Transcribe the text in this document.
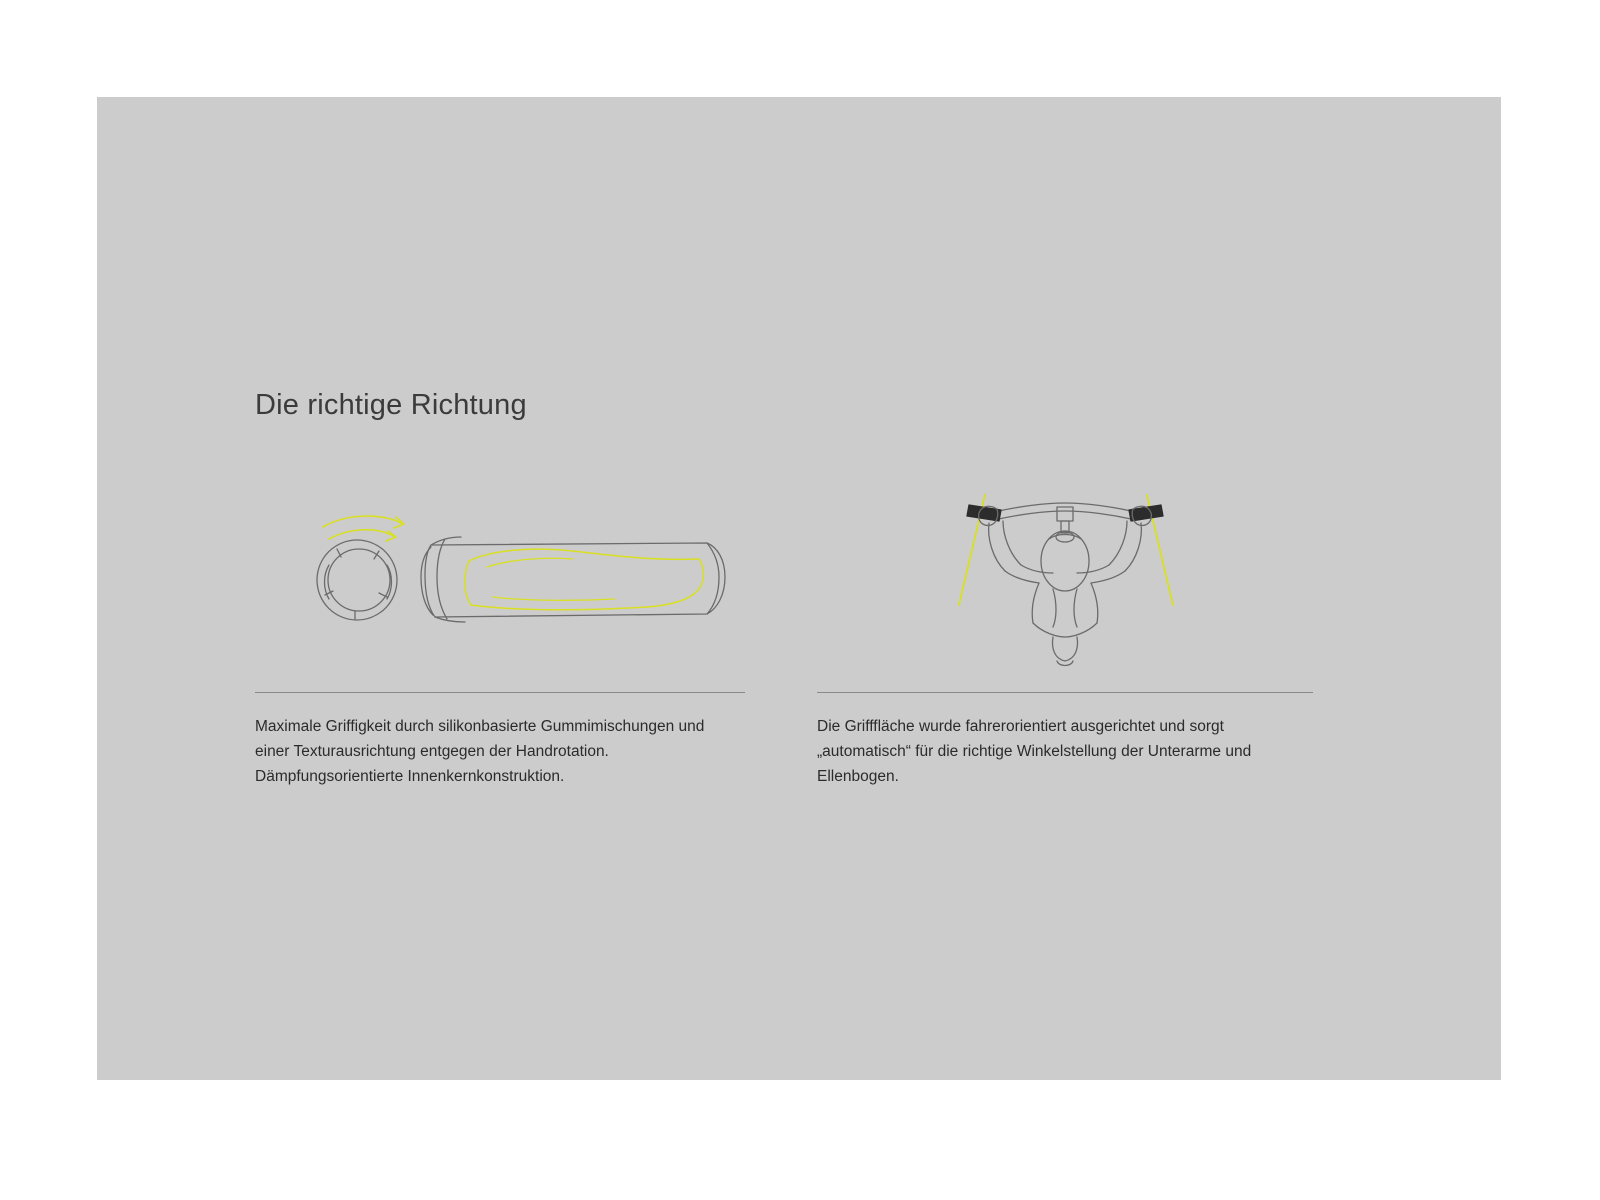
Die richtige Richtung
Maximale Griffigkeit durch silikonbasierte Gummimischungen und einer Texturausrichtung entgegen der Handrotation. Dämpfungsorientierte Innenkernkonstruktion.
Die Grifffläche wurde fahrerorientiert ausgerichtet und sorgt „automatisch“ für die richtige Winkelstellung der Unterarme und Ellenbogen.
